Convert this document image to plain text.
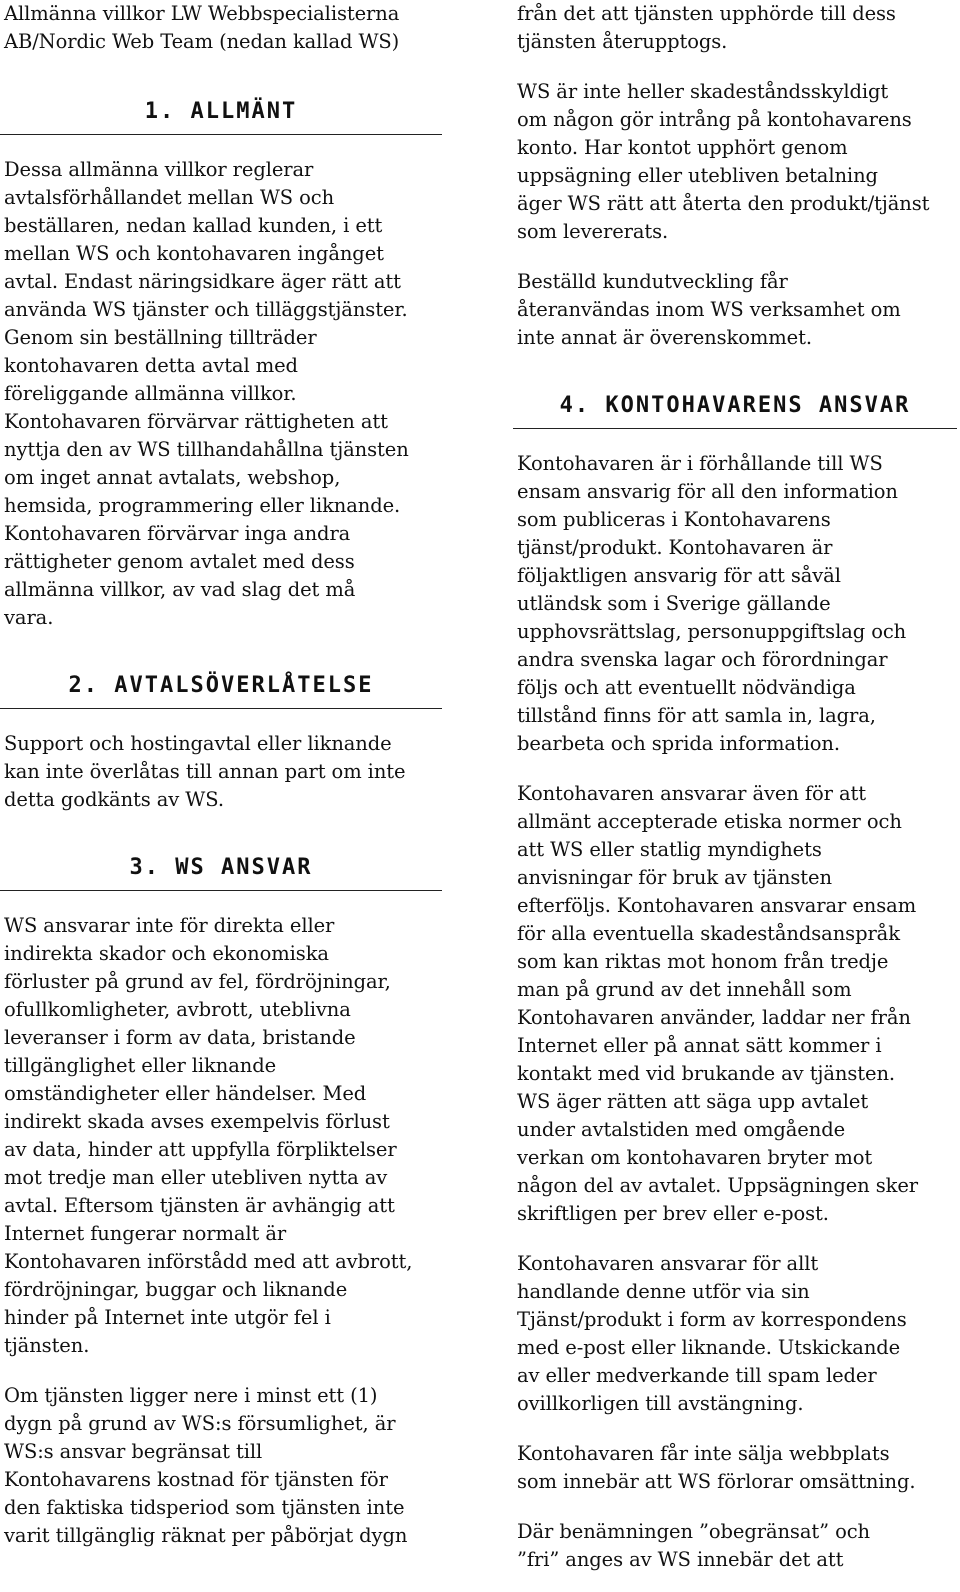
Allmänna villkor LW Webbspecialisterna
AB/Nordic Web Team (nedan kallad WS)

1. ALLMÄNT

Dessa allmänna villkor reglerar
avtalsförhållandet mellan WS och
beställaren, nedan kallad kunden, i ett
mellan WS och kontohavaren ingånget
avtal. Endast näringsidkare äger rätt att
använda WS tjänster och tilläggstjänster.
Genom sin beställning tillträder
kontohavaren detta avtal med
föreliggande allmänna villkor.
Kontohavaren förvärvar rättigheten att
nyttja den av WS tillhandahållna tjänsten
om inget annat avtalats, webshop,
hemsida, programmering eller liknande.
Kontohavaren förvärvar inga andra
rättigheter genom avtalet med dess
allmänna villkor, av vad slag det må
vara.

2. AVTALSÖVERLÅTELSE

Support och hostingavtal eller liknande
kan inte överlåtas till annan part om inte
detta godkänts av WS.

3. WS ANSVAR

WS ansvarar inte för direkta eller
indirekta skador och ekonomiska
förluster på grund av fel, fördröjningar,
ofullkomligheter, avbrott, uteblivna
leveranser i form av data, bristande
tillgänglighet eller liknande
omständigheter eller händelser. Med
indirekt skada avses exempelvis förlust
av data, hinder att uppfylla förpliktelser
mot tredje man eller utebliven nytta av
avtal. Eftersom tjänsten är avhängig att
Internet fungerar normalt är
Kontohavaren införstådd med att avbrott,
fördröjningar, buggar och liknande
hinder på Internet inte utgör fel i
tjänsten.

Om tjänsten ligger nere i minst ett (1)
dygn på grund av WS:s försumlighet, är
WS:s ansvar begränsat till
Kontohavarens kostnad för tjänsten för
den faktiska tidsperiod som tjänsten inte
varit tillgänglig räknat per påbörjat dygn

från det att tjänsten upphörde till dess
tjänsten återupptogs.

WS är inte heller skadeståndsskyldigt
om någon gör intrång på kontohavarens
konto. Har kontot upphört genom
uppsägning eller utebliven betalning
äger WS rätt att återta den produkt/tjänst
som levererats.

Beställd kundutveckling får
återanvändas inom WS verksamhet om
inte annat är överenskommet.

4. KONTOHAVARENS ANSVAR

Kontohavaren är i förhållande till WS
ensam ansvarig för all den information
som publiceras i Kontohavarens
tjänst/produkt. Kontohavaren är
följaktligen ansvarig för att såväl
utländsk som i Sverige gällande
upphovsrättslag, personuppgiftslag och
andra svenska lagar och förordningar
följs och att eventuellt nödvändiga
tillstånd finns för att samla in, lagra,
bearbeta och sprida information.

Kontohavaren ansvarar även för att
allmänt accepterade etiska normer och
att WS eller statlig myndighets
anvisningar för bruk av tjänsten
efterföljs. Kontohavaren ansvarar ensam
för alla eventuella skadeståndsanspråk
som kan riktas mot honom från tredje
man på grund av det innehåll som
Kontohavaren använder, laddar ner från
Internet eller på annat sätt kommer i
kontakt med vid brukande av tjänsten.
WS äger rätten att säga upp avtalet
under avtalstiden med omgående
verkan om kontohavaren bryter mot
någon del av avtalet. Uppsägningen sker
skriftligen per brev eller e-post.

Kontohavaren ansvarar för allt
handlande denne utför via sin
Tjänst/produkt i form av korrespondens
med e-post eller liknande. Utskickande
av eller medverkande till spam leder
ovillkorligen till avstängning.

Kontohavaren får inte sälja webbplats
som innebär att WS förlorar omsättning.

Där benämningen ”obegränsat” och
”fri” anges av WS innebär det att
